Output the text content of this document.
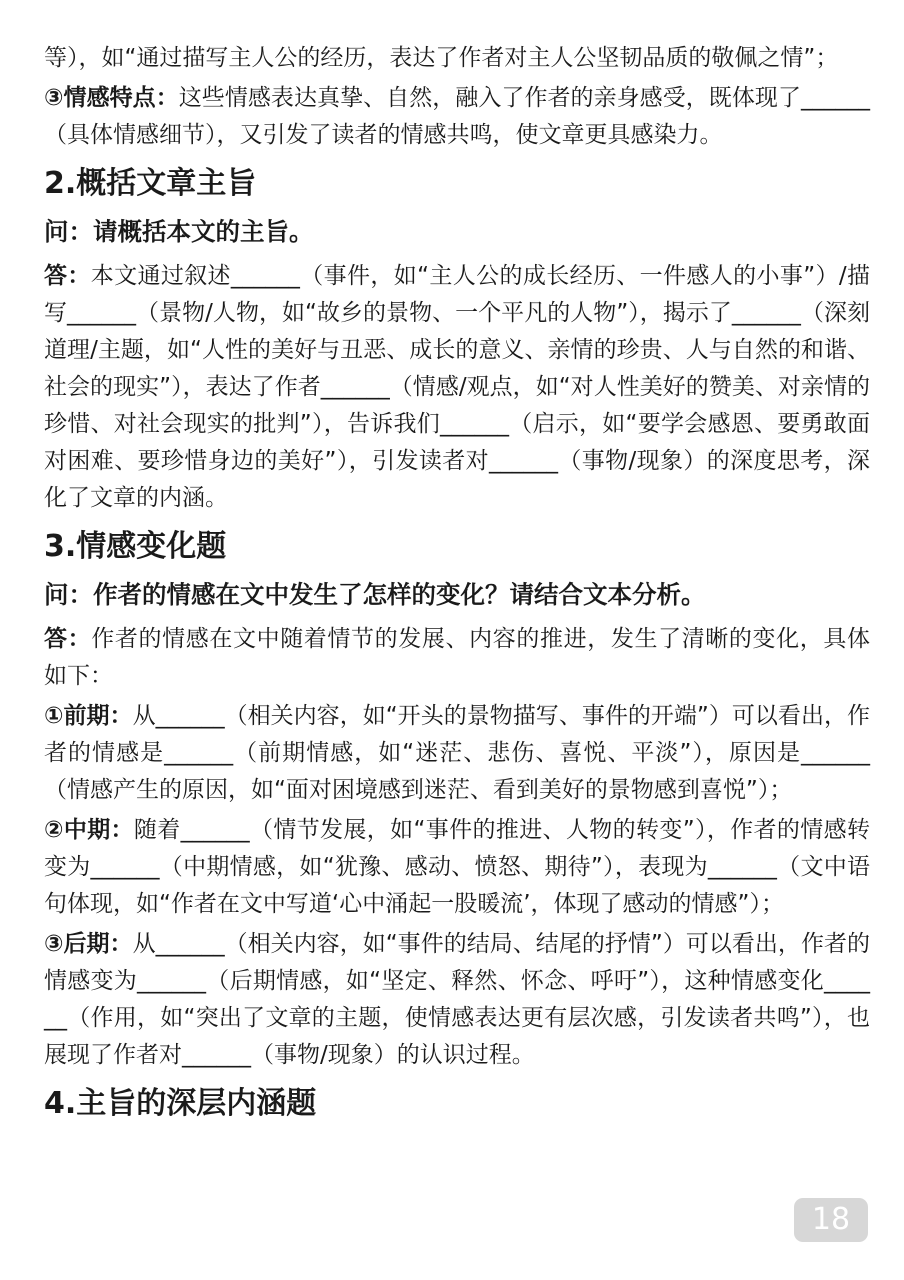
等），如“通过描写主人公的经历，表达了作者对主人公坚韧品质的敬佩之情”；

③情感特点：这些情感表达真挚、自然，融入了作者的亲身感受，既体现了______（具体情感细节），又引发了读者的情感共鸣，使文章更具感染力。

2.概括文章主旨
问：请概括本文的主旨。

答：本文通过叙述______（事件，如“主人公的成长经历、一件感人的小事”）/描写______（景物/人物，如“故乡的景物、一个平凡的人物”），揭示了______（深刻道理/主题，如“人性的美好与丑恶、成长的意义、亲情的珍贵、人与自然的和谐、社会的现实”），表达了作者______（情感/观点，如“对人性美好的赞美、对亲情的珍惜、对社会现实的批判”），告诉我们______（启示，如“要学会感恩、要勇敢面对困难、要珍惜身边的美好”），引发读者对______（事物/现象）的深度思考，深化了文章的内涵。

3.情感变化题
问：作者的情感在文中发生了怎样的变化？请结合文本分析。

答：作者的情感在文中随着情节的发展、内容的推进，发生了清晰的变化，具体如下：

①前期：从______（相关内容，如“开头的景物描写、事件的开端”）可以看出，作者的情感是______（前期情感，如“迷茫、悲伤、喜悦、平淡”），原因是______（情感产生的原因，如“面对困境感到迷茫、看到美好的景物感到喜悦”）；

②中期：随着______（情节发展，如“事件的推进、人物的转变”），作者的情感转变为______（中期情感，如“犹豫、感动、愤怒、期待”），表现为______（文中语句体现，如“作者在文中写道‘心中涌起一股暖流’，体现了感动的情感”）；

③后期：从______（相关内容，如“事件的结局、结尾的抒情”）可以看出，作者的情感变为______（后期情感，如“坚定、释然、怀念、呼吁”），这种情感变化______（作用，如“突出了文章的主题，使情感表达更有层次感，引发读者共鸣”），也展现了作者对______（事物/现象）的认识过程。

4.主旨的深层内涵题
18
